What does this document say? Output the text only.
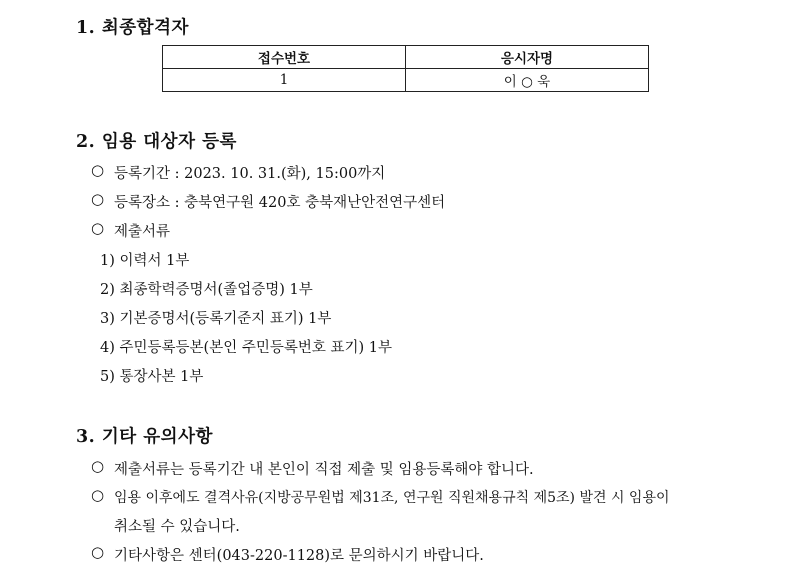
1. 최종합격자
접수번호	응시자명
1	이 ○ 욱
2. 임용 대상자 등록
○ 등록기간 : 2023. 10. 31.(화), 15:00까지
○ 등록장소 : 충북연구원 420호 충북재난안전연구센터
○ 제출서류
1) 이력서 1부
2) 최종학력증명서(졸업증명) 1부
3) 기본증명서(등록기준지 표기) 1부
4) 주민등록등본(본인 주민등록번호 표기) 1부
5) 통장사본 1부
3. 기타 유의사항
○ 제출서류는 등록기간 내 본인이 직접 제출 및 임용등록해야 합니다.
○ 임용 이후에도 결격사유(지방공무원법 제31조, 연구원 직원채용규칙 제5조) 발견 시 임용이
취소될 수 있습니다.
○ 기타사항은 센터(043-220-1128)로 문의하시기 바랍니다.
